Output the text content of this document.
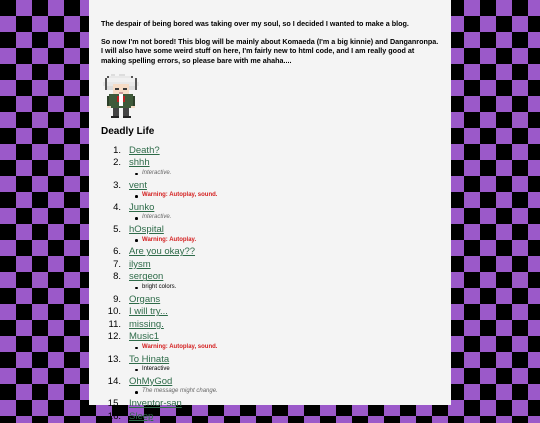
The despair of being bored was taking over my soul, so I decided I wanted to make a blog.

So now I'm not bored! This blog will be mainly about Komaeda (I'm a big kinnie) and Danganronpa. I will also have some weird stuff on here, I'm fairly new to html code, and I am really good at making spelling errors, so please bare with me ahaha....

Deadly Life
1. Death?
2. shhh
Interactive.
3. vent
Warning: Autoplay, sound.
4. Junko
Interactive.
5. hOspital
Warning: Autoplay.
6. Are you okay??
7. ilysm
8. sergeon
bright colors.
9. Organs
10. I will try...
11. missing.
12. Music1
Warning: Autoplay, sound.
13. To Hinata
Interactive
14. OhMyGod
The message might change.
15. Inventor-san
16. Sleep
